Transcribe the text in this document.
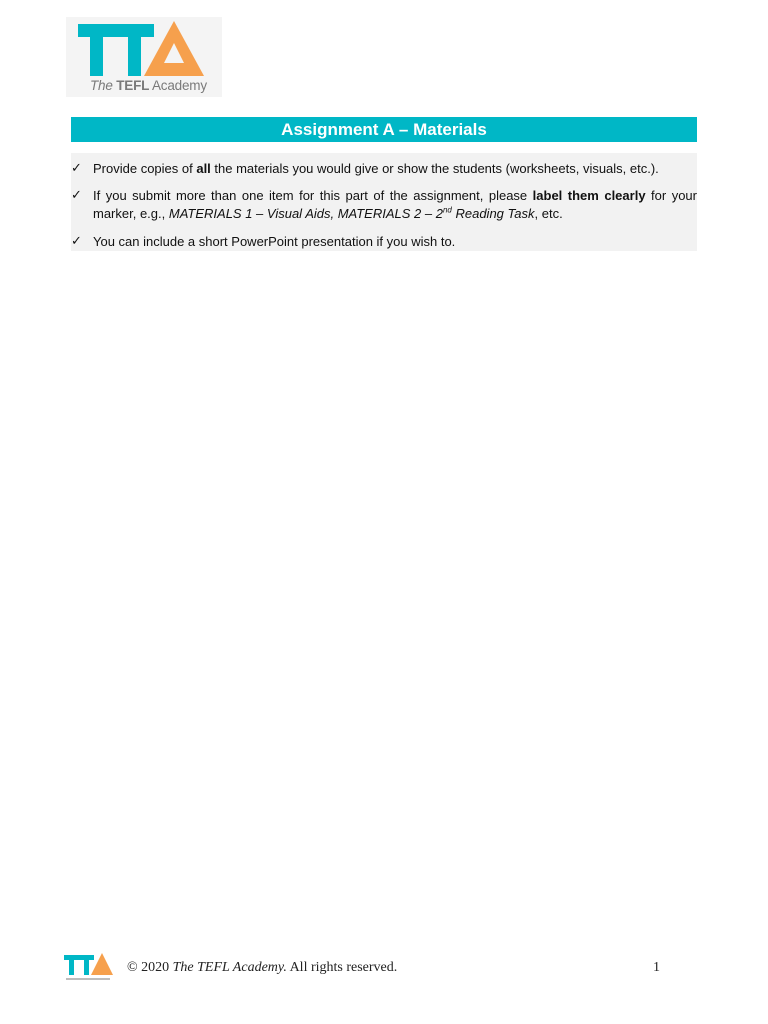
The TEFL Academy
Assignment A – Materials
✓ Provide copies of all the materials you would give or show the students (worksheets, visuals, etc.).
✓ If you submit more than one item for this part of the assignment, please label them clearly for your marker, e.g., MATERIALS 1 – Visual Aids, MATERIALS 2 – 2nd Reading Task, etc.
✓ You can include a short PowerPoint presentation if you wish to.
© 2020 The TEFL Academy. All rights reserved.	1
